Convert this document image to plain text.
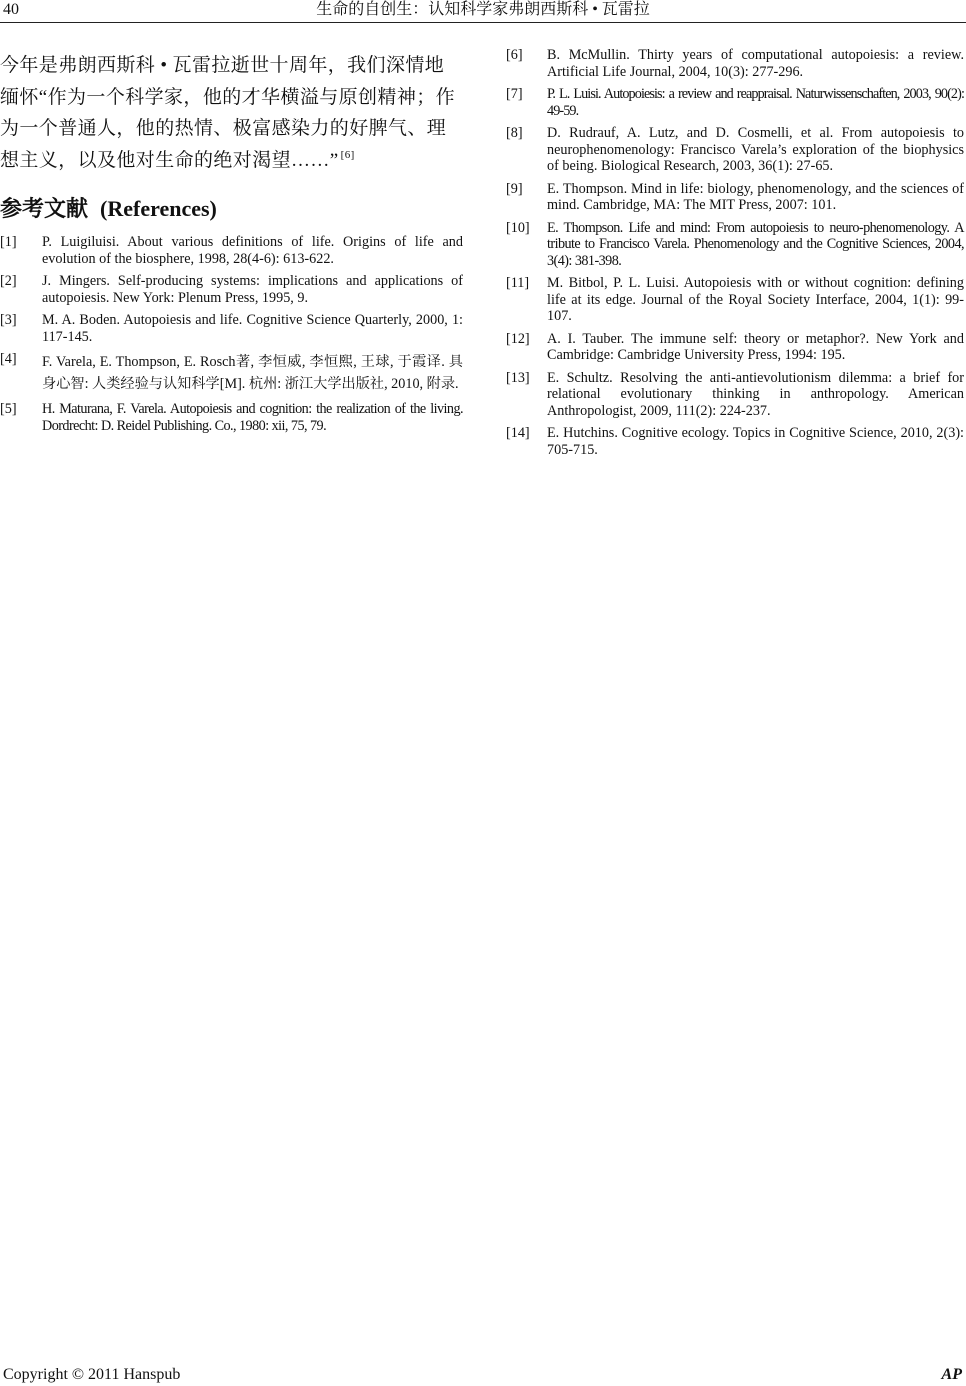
40	生命的自创生：认知科学家弗朗西斯科 • 瓦雷拉

今年是弗朗西斯科 • 瓦雷拉逝世十周年，我们深情地缅怀“作为一个科学家，他的才华横溢与原创精神；作为一个普通人，他的热情、极富感染力的好脾气、理想主义，以及他对生命的绝对渴望……” [6]

参考文献 (References)
[1] P. Luigiluisi. About various definitions of life. Origins of life and evolution of the biosphere, 1998, 28(4-6): 613-622.
[2] J. Mingers. Self-producing systems: implications and applications of autopoiesis. New York: Plenum Press, 1995, 9.
[3] M. A. Boden. Autopoiesis and life. Cognitive Science Quarterly, 2000, 1: 117-145.
[4] F. Varela, E. Thompson, E. Rosch著, 李恒威, 李恒熙, 王球, 于霞译. 具身心智: 人类经验与认知科学[M]. 杭州: 浙江大学出版社, 2010, 附录.
[5] H. Maturana, F. Varela. Autopoiesis and cognition: the realization of the living. Dordrecht: D. Reidel Publishing. Co., 1980: xii, 75, 79.
[6] B. McMullin. Thirty years of computational autopoiesis: a review. Artificial Life Journal, 2004, 10(3): 277-296.
[7] P. L. Luisi. Autopoiesis: a review and reappraisal. Naturwissenschaften, 2003, 90(2): 49-59.
[8] D. Rudrauf, A. Lutz, and D. Cosmelli, et al. From autopoiesis to neurophenomenology: Francisco Varela’s exploration of the biophysics of being. Biological Research, 2003, 36(1): 27-65.
[9] E. Thompson. Mind in life: biology, phenomenology, and the sciences of mind. Cambridge, MA: The MIT Press, 2007: 101.
[10] E. Thompson. Life and mind: From autopoiesis to neuro-phenomenology. A tribute to Francisco Varela. Phenomenology and the Cognitive Sciences, 2004, 3(4): 381-398.
[11] M. Bitbol, P. L. Luisi. Autopoiesis with or without cognition: defining life at its edge. Journal of the Royal Society Interface, 2004, 1(1): 99-107.
[12] A. I. Tauber. The immune self: theory or metaphor?. New York and Cambridge: Cambridge University Press, 1994: 195.
[13] E. Schultz. Resolving the anti-antievolutionism dilemma: a brief for relational evolutionary thinking in anthropology. American Anthropologist, 2009, 111(2): 224-237.
[14] E. Hutchins. Cognitive ecology. Topics in Cognitive Science, 2010, 2(3): 705-715.
Copyright © 2011 Hanspub	AP
